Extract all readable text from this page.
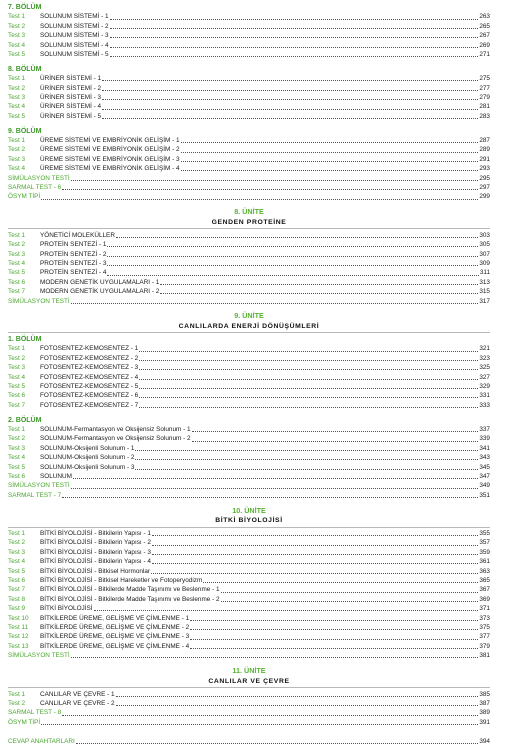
7. BÖLÜM
Test 1	SOLUNUM SİSTEMİ - 1	263
Test 2	SOLUNUM SİSTEMİ - 2	265
Test 3	SOLUNUM SİSTEMİ - 3	267
Test 4	SOLUNUM SİSTEMİ - 4	269
Test 5	SOLUNUM SİSTEMİ - 5	271
8. BÖLÜM
Test 1	ÜRİNER SİSTEMİ - 1	275
Test 2	ÜRİNER SİSTEMİ - 2	277
Test 3	ÜRİNER SİSTEMİ - 3	279
Test 4	ÜRİNER SİSTEMİ - 4	281
Test 5	ÜRİNER SİSTEMİ - 5	283
9. BÖLÜM
Test 1	ÜREME SİSTEMİ VE EMBRİYONİK GELİŞİM - 1	287
Test 2	ÜREME SİSTEMİ VE EMBRİYONİK GELİŞİM - 2	289
Test 3	ÜREME SİSTEMİ VE EMBRİYONİK GELİŞİM - 3	291
Test 4	ÜREME SİSTEMİ VE EMBRİYONİK GELİŞİM - 4	293
SİMÜLASYON TESTİ	295
SARMAL TEST - 6	297
ÖSYM TİPİ	299
8. ÜNİTE
GENDEN PROTEİNE
Test 1	YÖNETİCİ MOLEKÜLLER	303
Test 2	PROTEİN SENTEZİ - 1	305
Test 3	PROTEİN SENTEZİ - 2	307
Test 4	PROTEİN SENTEZİ - 3	309
Test 5	PROTEİN SENTEZİ - 4	311
Test 6	MODERN GENETİK UYGULAMALARI - 1	313
Test 7	MODERN GENETİK UYGULAMALARI - 2	315
SİMÜLASYON TESTİ	317
9. ÜNİTE
CANLILARDA ENERJİ DÖNÜŞÜMLERİ
1. BÖLÜM
Test 1	FOTOSENTEZ-KEMOSENTEZ - 1	321
Test 2	FOTOSENTEZ-KEMOSENTEZ - 2	323
Test 3	FOTOSENTEZ-KEMOSENTEZ - 3	325
Test 4	FOTOSENTEZ-KEMOSENTEZ - 4	327
Test 5	FOTOSENTEZ-KEMOSENTEZ - 5	329
Test 6	FOTOSENTEZ-KEMOSENTEZ - 6	331
Test 7	FOTOSENTEZ-KEMOSENTEZ - 7	333
2. BÖLÜM
Test 1	SOLUNUM-Fermantasyon ve Oksijensiz Solunum - 1	337
Test 2	SOLUNUM-Fermantasyon ve Oksijensiz Solunum - 2	339
Test 3	SOLUNUM-Oksijenli Solunum - 1	341
Test 4	SOLUNUM-Oksijenli Solunum - 2	343
Test 5	SOLUNUM-Oksijenli Solunum - 3	345
Test 6	SOLUNUM	347
SİMÜLASYON TESTİ	349
SARMAL TEST - 7	351
10. ÜNİTE
BİTKİ BİYOLOJİSİ
Test 1	BİTKİ BİYOLOJİSİ - Bitkilerin Yapısı - 1	355
Test 2	BİTKİ BİYOLOJİSİ - Bitkilerin Yapısı - 2	357
Test 3	BİTKİ BİYOLOJİSİ - Bitkilerin Yapısı - 3	359
Test 4	BİTKİ BİYOLOJİSİ - Bitkilerin Yapısı - 4	361
Test 5	BİTKİ BİYOLOJİSİ - Bitkisel Hormonlar	363
Test 6	BİTKİ BİYOLOJİSİ - Bitkisel Hareketler ve Fotoperyodizm	365
Test 7	BİTKİ BİYOLOJİSİ - Bitkilerde Madde Taşınımı ve Beslenme - 1	367
Test 8	BİTKİ BİYOLOJİSİ - Bitkilerde Madde Taşınımı ve Beslenme - 2	369
Test 9	BİTKİ BİYOLOJİSİ	371
Test 10	BİTKİLERDE ÜREME, GELİŞME VE ÇİMLENME - 1	373
Test 11	BİTKİLERDE ÜREME, GELİŞME VE ÇİMLENME - 2	375
Test 12	BİTKİLERDE ÜREME, GELİŞME VE ÇİMLENME - 3	377
Test 13	BİTKİLERDE ÜREME, GELİŞME VE ÇİMLENME - 4	379
SİMÜLASYON TESTİ	381
11. ÜNİTE
CANLILAR VE ÇEVRE
Test 1	CANLILAR VE ÇEVRE - 1	385
Test 2	CANLILAR VE ÇEVRE - 2	387
SARMAL TEST - 8	389
ÖSYM TİPİ	391
CEVAP ANAHTARLARI	394
